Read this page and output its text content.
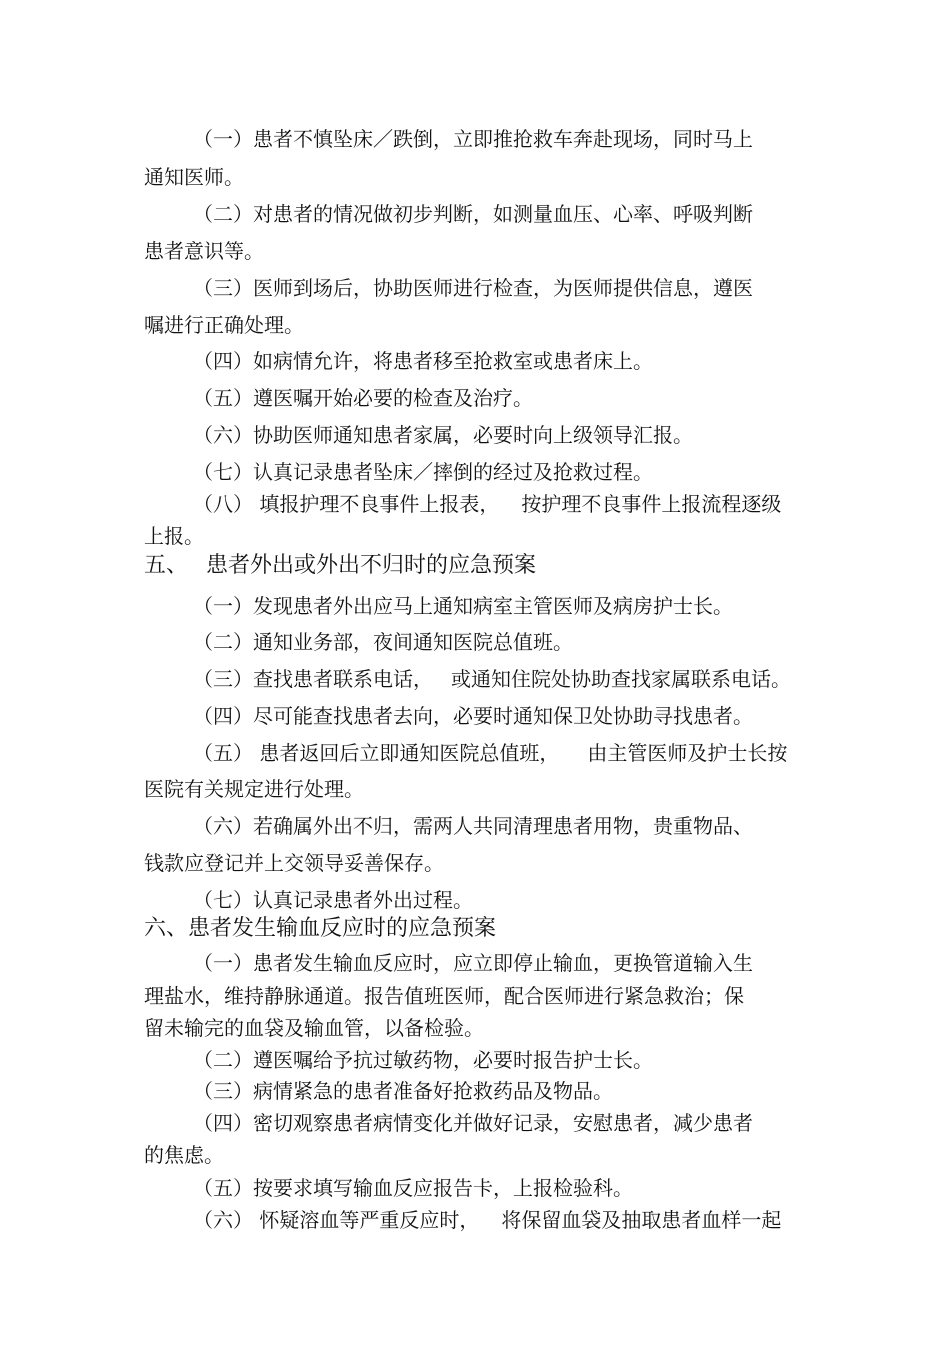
（一）患者不慎坠床／跌倒，立即推抢救车奔赴现场，同时马上
通知医师。
（二）对患者的情况做初步判断，如测量血压、心率、呼吸判断
患者意识等。
（三）医师到场后，协助医师进行检查，为医师提供信息，遵医
嘱进行正确处理。
（四）如病情允许，将患者移至抢救室或患者床上。
（五）遵医嘱开始必要的检查及治疗。
（六）协助医师通知患者家属，必要时向上级领导汇报。
（七）认真记录患者坠床／摔倒的经过及抢救过程。
（八） 填报护理不良事件上报表， 按护理不良事件上报流程逐级
上报。
五、 患者外出或外出不归时的应急预案
（一）发现患者外出应马上通知病室主管医师及病房护士长。
（二）通知业务部，夜间通知医院总值班。
（三）查找患者联系电话， 或通知住院处协助查找家属联系电话。
（四）尽可能查找患者去向，必要时通知保卫处协助寻找患者。
（五） 患者返回后立即通知医院总值班， 由主管医师及护士长按
医院有关规定进行处理。
（六）若确属外出不归，需两人共同清理患者用物，贵重物品、
钱款应登记并上交领导妥善保存。
（七）认真记录患者外出过程。
六、患者发生输血反应时的应急预案
（一）患者发生输血反应时，应立即停止输血，更换管道输入生
理盐水，维持静脉通道。报告值班医师，配合医师进行紧急救治；保
留未输完的血袋及输血管，以备检验。
（二）遵医嘱给予抗过敏药物，必要时报告护士长。
（三）病情紧急的患者准备好抢救药品及物品。
（四）密切观察患者病情变化并做好记录，安慰患者，减少患者
的焦虑。
（五）按要求填写输血反应报告卡，上报检验科。
（六） 怀疑溶血等严重反应时， 将保留血袋及抽取患者血样一起
